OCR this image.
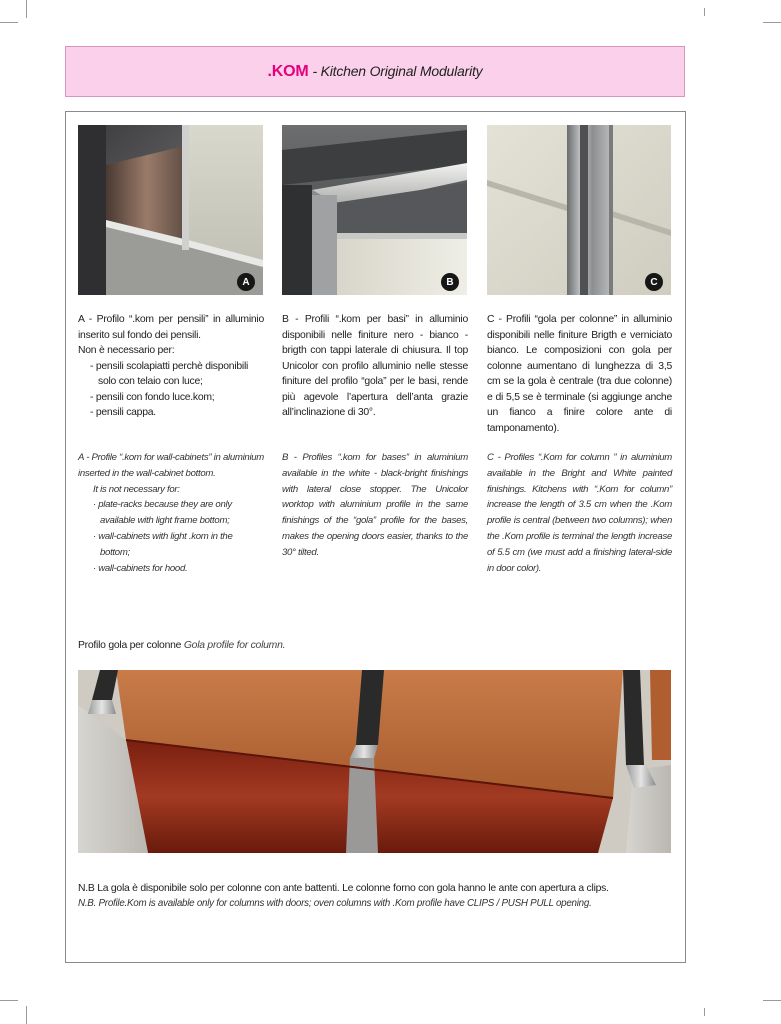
.KOM - Kitchen Original Modularity
A	B	C
A - Profilo “.kom per pensili” in alluminio inserito sul fondo dei pensili.
Non è necessario per:
- pensili scolapiatti perchè disponibili solo con telaio con luce;
- pensili con fondo luce.kom;
- pensili cappa.
B - Profili “.kom per basi” in alluminio disponibili nelle finiture nero - bianco - brigth con tappi laterale di chiusura. Il top Unicolor con profilo alluminio nelle stesse finiture del profilo “gola” per le basi, rende più agevole l’apertura dell’anta grazie all’inclinazione di 30°.
C - Profili “gola per colonne” in alluminio disponibili nelle finiture Brigth e verniciato bianco. Le composizioni con gola per colonne aumentano di lunghezza di 3,5 cm se la gola è centrale (tra due colonne) e di 5,5 se è terminale (si aggiunge anche un fianco a finire colore ante di tamponamento).
A - Profile “.kom for wall-cabinets” in aluminium inserted in the wall-cabinet bottom.
It is not necessary for:
· plate-racks because they are only available with light frame bottom;
· wall-cabinets with light .kom in the bottom;
· wall-cabinets for hood.
B - Profiles “.kom for bases” in aluminium available in the white - black-bright finishings with lateral close stopper. The Unicolor worktop with aluminium profile in the same finishings of the “gola” profile for the bases, makes the opening doors easier, thanks to the 30° tilted.
C - Profiles “.Kom for column ” in aluminium available in the Bright and White painted finishings. Kitchens with “.Kom for column” increase the length of 3.5 cm when the .Kom profile is central (between two columns); when the .Kom profile is terminal the length increase of 5.5 cm (we must add a finishing lateral-side in door color).
Profilo gola per colonne Gola profile for column.
N.B La gola è disponibile solo per colonne con ante battenti. Le colonne forno con gola hanno le ante con apertura a clips.
N.B. Profile.Kom is available only for columns with doors; oven columns with .Kom profile have CLIPS / PUSH PULL opening.
